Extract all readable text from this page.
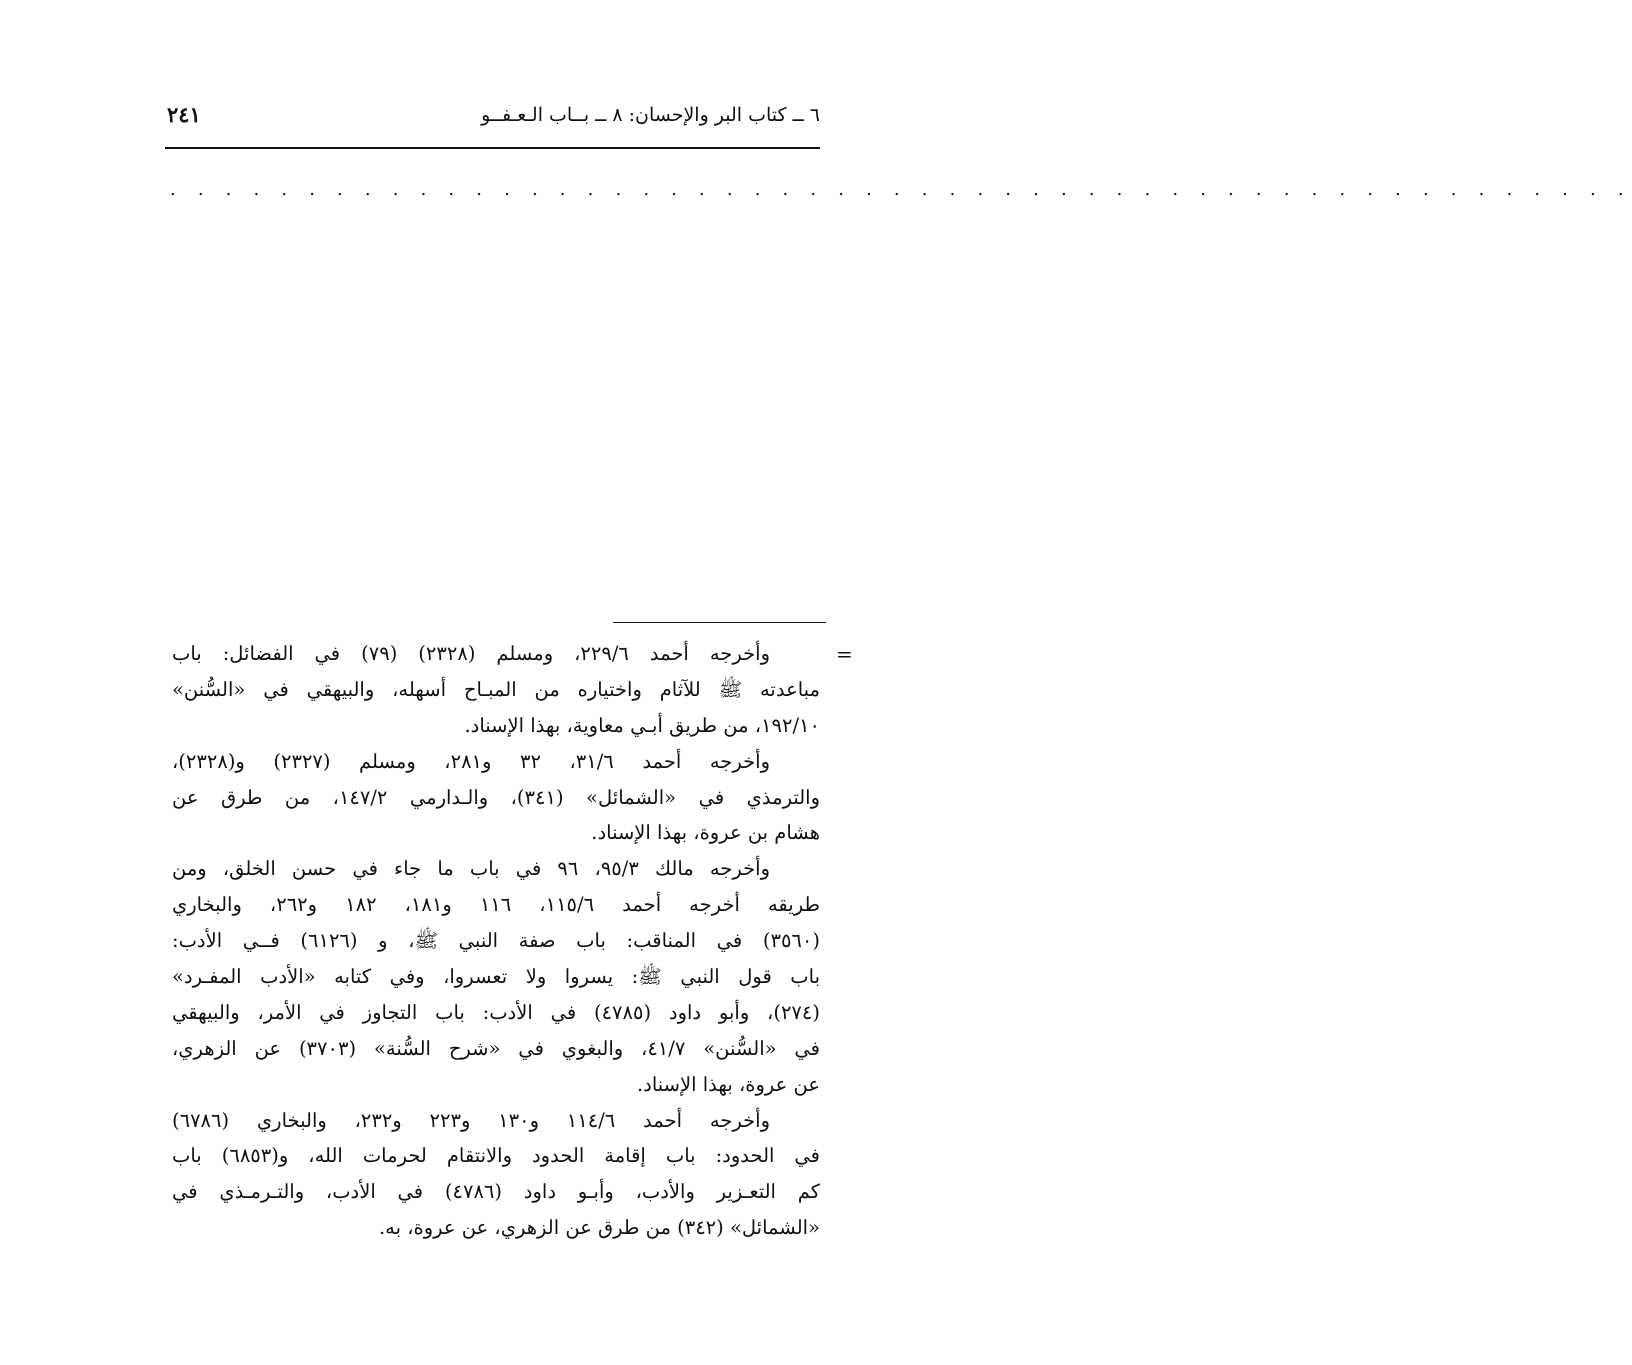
٦ ــ كتاب البر والإحسان: ٨ ــ بــاب الـعـفــو
٢٤١
. . . . . . . . . . . . . . . . . . . . . . . . . . . . . . . . . . . . . . . . . . . . . . . . . . . . .
=
وأخرجه أحمد ٢٢٩/٦، ومسلم (٢٣٢٨) (٧٩) في الفضائل: باب
مباعدته ﷺ للآثام واختياره من المبـاح أسهله، والبيهقي في «السُّنن»
١٩٢/١٠، من طريق أبـي معاوية، بهذا الإسناد.
وأخرجه أحمد ٣١/٦، ٣٢ و٢٨١، ومسلم (٢٣٢٧) و(٢٣٢٨)،
والترمذي في «الشمائل» (٣٤١)، والـدارمي ١٤٧/٢، من طرق عن
هشام بن عروة، بهذا الإسناد.
وأخرجه مالك ٩٥/٣، ٩٦ في باب ما جاء في حسن الخلق، ومن
طريقه أخرجه أحمد ١١٥/٦، ١١٦ و١٨١، ١٨٢ و٢٦٢، والبخاري
(٣٥٦٠) في المناقب: باب صفة النبي ﷺ، و (٦١٢٦) فــي الأدب:
باب قول النبي ﷺ: يسروا ولا تعسروا، وفي كتابه «الأدب المفـرد»
(٢٧٤)، وأبو داود (٤٧٨٥) في الأدب: باب التجاوز في الأمر، والبيهقي
في «السُّنن» ٤١/٧، والبغوي في «شرح السُّنة» (٣٧٠٣) عن الزهري،
عن عروة، بهذا الإسناد.
وأخرجه أحمد ١١٤/٦ و١٣٠ و٢٢٣ و٢٣٢، والبخاري (٦٧٨٦)
في الحدود: باب إقامة الحدود والانتقام لحرمات الله، و(٦٨٥٣) باب
كم التعـزير والأدب، وأبـو داود (٤٧٨٦) في الأدب، والتـرمـذي في
«الشمائل» (٣٤٢) من طرق عن الزهري، عن عروة، به.
